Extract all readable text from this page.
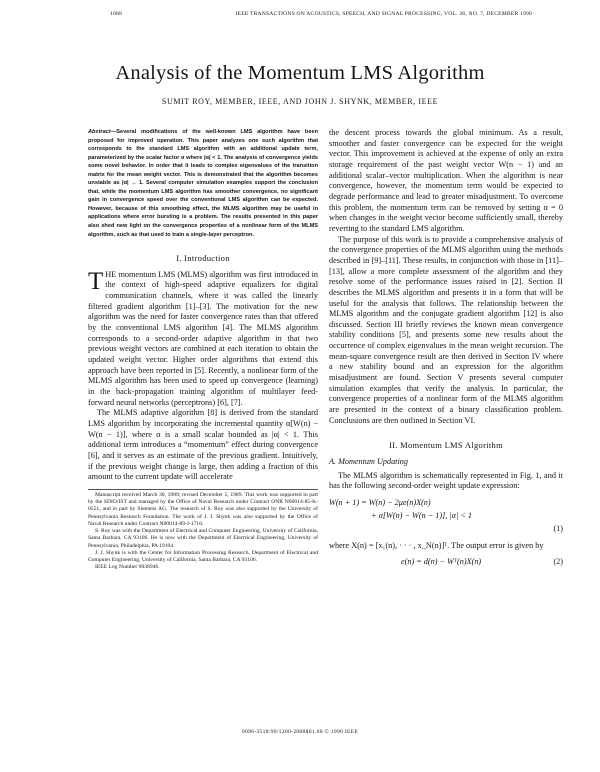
1088	IEEE TRANSACTIONS ON ACOUSTICS, SPEECH, AND SIGNAL PROCESSING, VOL. 38, NO. 7, DECEMBER 1990
Analysis of the Momentum LMS Algorithm
SUMIT ROY, MEMBER, IEEE, AND JOHN J. SHYNK, MEMBER, IEEE

Abstract—Several modifications of the well-known LMS algorithm have been proposed for improved operation. This paper analyzes one such algorithm that corresponds to the standard LMS algorithm with an additional update term, parameterized by the scalar factor α where |α| < 1. The analysis of convergence yields some novel behavior. In order that it leads to complex eigenvalues of the transition matrix for the mean weight vector. This is demonstrated that the algorithm becomes unstable as |α| → 1. Several computer simulation examples support the conclusion that, while the momentum LMS algorithm has smoother convergence, no significant gain in convergence speed over the conventional LMS algorithm can be expected. However, because of this smoothing effect, the MLMS algorithm may be useful in applications where error bursting is a problem. The results presented in this paper also shed new light on the convergence properties of a nonlinear form of the MLMS algorithm, such as that used to train a single-layer perceptron.

I. Introduction

THE momentum LMS (MLMS) algorithm was first introduced in the context of high-speed adaptive equalizers for digital communication channels, where it was called the linearly filtered gradient algorithm [1]–[3]. The motivation for the new algorithm was the need for faster convergence rates than that offered by the conventional LMS algorithm [4]. The MLMS algorithm corresponds to a second-order adaptive algorithm in that two previous weight vectors are combined at each iteration to obtain the updated weight vector. Higher order algorithms that extend this approach have been reported in [5]. Recently, a nonlinear form of the MLMS algorithm has been used to speed up convergence (learning) in the back-propagation training algorithm of multilayer feed-forward neural networks (perceptrons) [6], [7].

The MLMS adaptive algorithm [8] is derived from the standard LMS algorithm by incorporating the incremental quantity α[W(n) − W(n − 1)], where α is a small scalar bounded as |α| < 1. This additional term introduces a “momentum” effect during convergence [6], and it serves as an estimate of the previous gradient. Intuitively, if the previous weight change is large, then adding a fraction of this amount to the current update will accelerate

Manuscript received March 30, 1989; revised December 5, 1989. This work was supported in part by the SDIO/IST and managed by the Office of Naval Research under Contract ONR N00014-85-K-0551, and in part by Siemens AG. The research of S. Roy was also supported by the University of Pennsylvania Research Foundation. The work of J. J. Shynk was also supported by the Office of Naval Research under Contract N00014-89-J-1716.

S. Roy was with the Department of Electrical and Computer Engineering, University of California, Santa Barbara, CA 93106. He is now with the Department of Electrical Engineering, University of Pennsylvania, Philadelphia, PA 19104.

J. J. Shynk is with the Center for Information Processing Research, Department of Electrical and Computer Engineering, University of California, Santa Barbara, CA 93106.

IEEE Log Number 9038946.

the descent process towards the global minimum. As a result, smoother and faster convergence can be expected for the weight vector. This improvement is achieved at the expense of only an extra storage requirement of the past weight vector W(n − 1) and an additional scalar–vector multiplication. When the algorithm is near convergence, however, the momentum term would be expected to degrade performance and lead to greater misadjustment. To overcome this problem, the momentum term can be removed by setting α = 0 when changes in the weight vector become sufficiently small, thereby reverting to the standard LMS algorithm.

The purpose of this work is to provide a comprehensive analysis of the convergence properties of the MLMS algorithm using the methods described in [9]–[11]. These results, in conjunction with those in [11]–[13], allow a more complete assessment of the algorithm and they resolve some of the performance issues raised in [2]. Section II describes the MLMS algorithm and presents it in a form that will be useful for the analysis that follows. The relationship between the MLMS algorithm and the conjugate gradient algorithm [12] is also discussed. Section III briefly reviews the known mean convergence stability conditions [5], and presents some new results about the occurrence of complex eigenvalues in the mean weight recursion. The mean-square convergence result are then derived in Section IV where a new stability bound and an expression for the algorithm misadjustment are found. Section V presents several computer simulation examples that verify the analysis. In particular, the convergence properties of a nonlinear form of the MLMS algorithm are presented in the context of a binary classification problem. Conclusions are then outlined in Section VI.

II. Momentum LMS Algorithm
A. Momentum Updating

The MLMS algorithm is schematically represented in Fig. 1, and it has the following second-order weight update expression:

W(n + 1) = W(n) − 2μe(n)X(n)
+ α[W(n) − W(n − 1)], |α| < 1
(1)

where X(n) = [x₁(n), · · · , x_N(n)]ᵀ. The output error is given by

e(n) = d(n) − Wᵀ(n)X(n)	(2)
0096-3518/90/1200-2088$01.00 © 1990 IEEE
